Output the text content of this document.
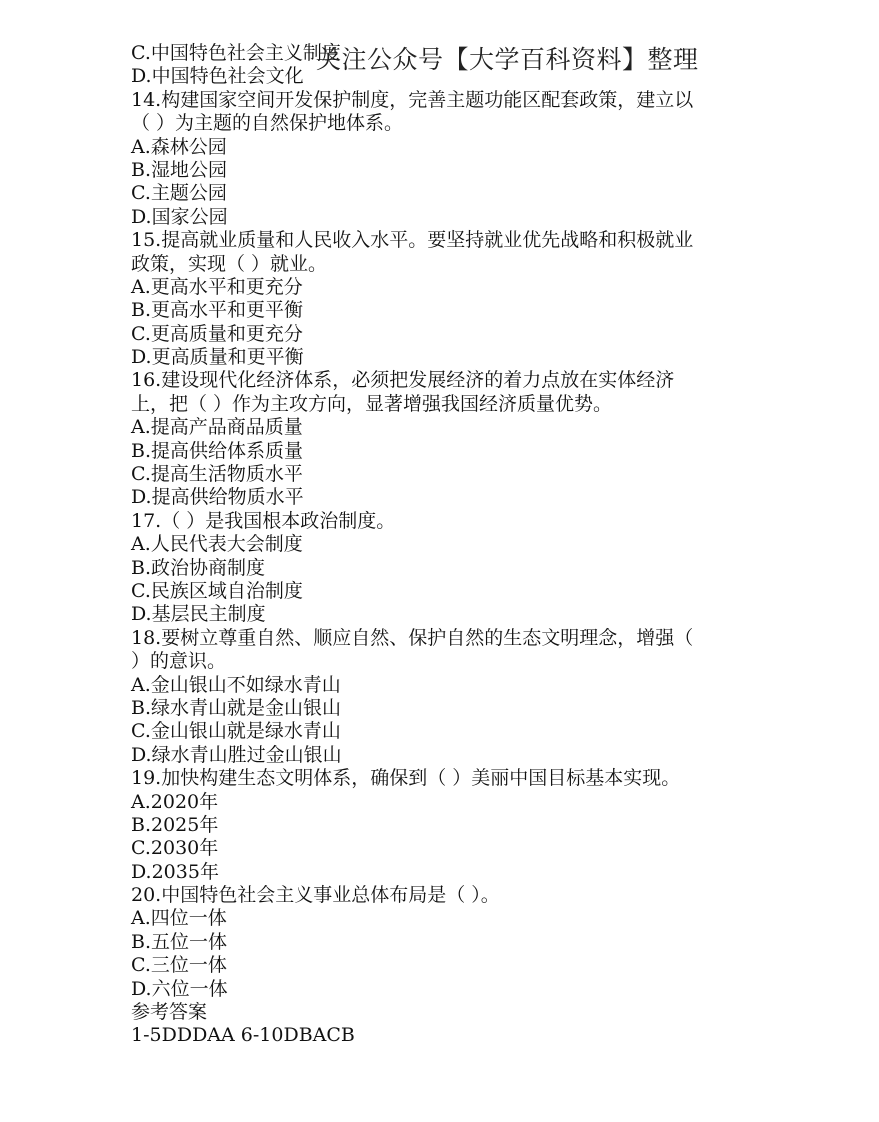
C.中国特色社会主义制度
D.中国特色社会文化
14.构建国家空间开发保护制度，完善主题功能区配套政策，建立以
（ ）为主题的自然保护地体系。
A.森林公园
B.湿地公园
C.主题公园
D.国家公园
15.提高就业质量和人民收入水平。要坚持就业优先战略和积极就业
政策，实现（ ）就业。
A.更高水平和更充分
B.更高水平和更平衡
C.更高质量和更充分
D.更高质量和更平衡
16.建设现代化经济体系，必须把发展经济的着力点放在实体经济
上，把（ ）作为主攻方向，显著增强我国经济质量优势。
A.提高产品商品质量
B.提高供给体系质量
C.提高生活物质水平
D.提高供给物质水平
17.（ ）是我国根本政治制度。
A.人民代表大会制度
B.政治协商制度
C.民族区域自治制度
D.基层民主制度
18.要树立尊重自然、顺应自然、保护自然的生态文明理念，增强（
）的意识。
A.金山银山不如绿水青山
B.绿水青山就是金山银山
C.金山银山就是绿水青山
D.绿水青山胜过金山银山
19.加快构建生态文明体系，确保到（ ）美丽中国目标基本实现。
A.2020年
B.2025年
C.2030年
D.2035年
20.中国特色社会主义事业总体布局是（ ）。
A.四位一体
B.五位一体
C.三位一体
D.六位一体
参考答案
1-5DDDAA 6-10DBACB
关注公众号【大学百科资料】整理
